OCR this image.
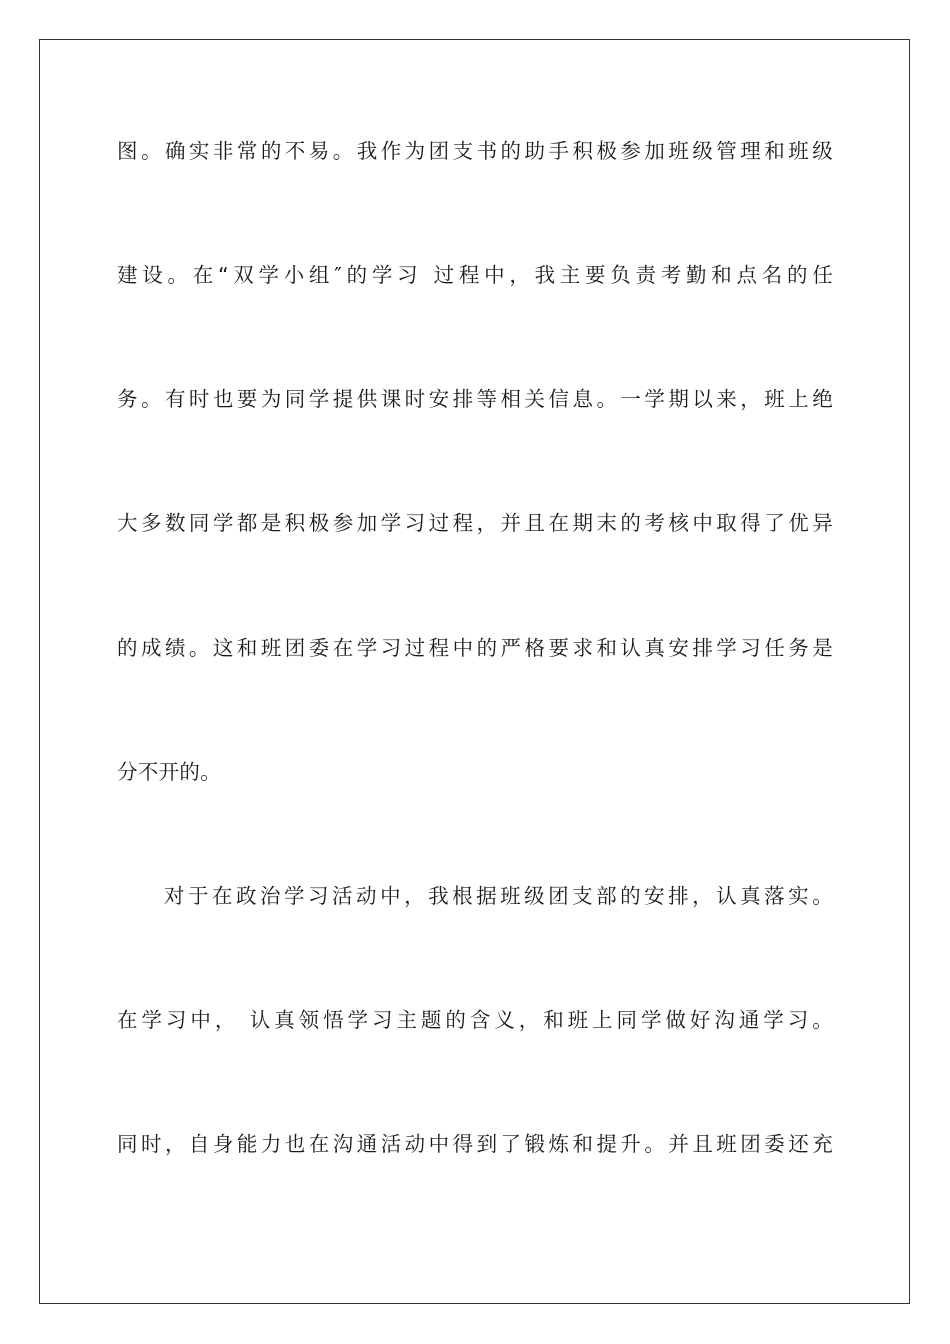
图。确实非常的不易。我作为团支书的助手积极参加班级管理和班级
建设。在“双学小组″的学习 过程中，我主要负责考勤和点名的任
务。有时也要为同学提供课时安排等相关信息。一学期以来，班上绝
大多数同学都是积极参加学习过程，并且在期末的考核中取得了优异
的成绩。这和班团委在学习过程中的严格要求和认真安排学习任务是
分不开的。
对于在政治学习活动中，我根据班级团支部的安排，认真落实。
在学习中， 认真领悟学习主题的含义，和班上同学做好沟通学习。
同时，自身能力也在沟通活动中得到了锻炼和提升。并且班团委还充
